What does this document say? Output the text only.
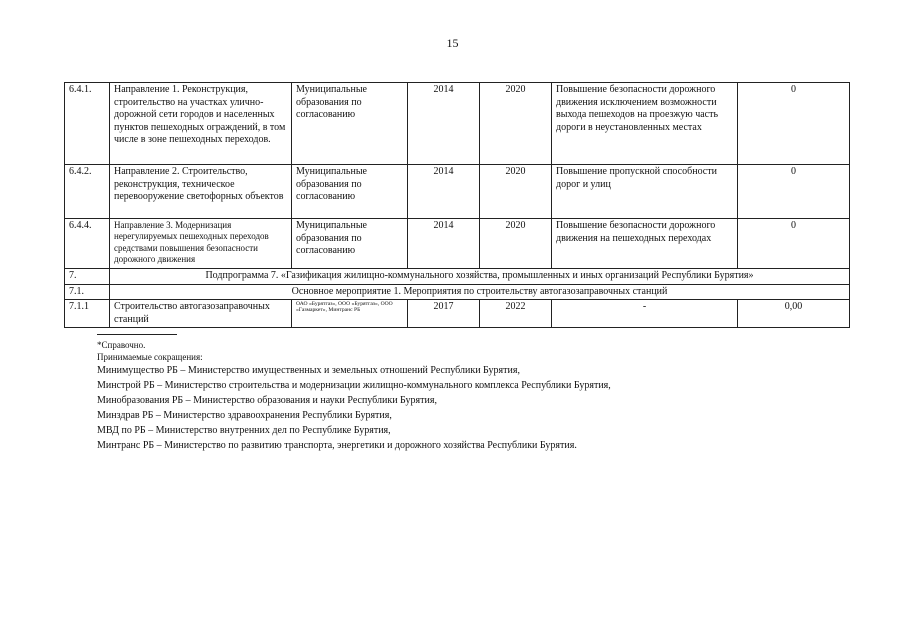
15
6.4.1.	Направление 1. Реконструкция, строительство на участках улично-дорожной сети городов и населенных пунктов пешеходных ограждений, в том числе в зоне пешеходных переходов.	Муниципальные образования по согласованию	2014	2020	Повышение безопасности дорожного движения исключением возможности выхода пешеходов на проезжую часть дороги в неустановленных местах	0
6.4.2.	Направление 2. Строительство, реконструкция, техническое перевооружение светофорных объектов	Муниципальные образования по согласованию	2014	2020	Повышение пропускной способности дорог и улиц	0
6.4.4.	Направление 3. Модернизация нерегулируемых пешеходных переходов средствами повышения безопасности дорожного движения	Муниципальные образования по согласованию	2014	2020	Повышение безопасности дорожного движения на пешеходных переходах	0
7.	Подпрограмма 7. «Газификация жилищно-коммунального хозяйства, промышленных и иных организаций Республики Бурятия»					
7.1.	Основное мероприятие 1. Мероприятия по строительству автогазозаправочных станций					
7.1.1	Строительство автогазозаправочных станций	ОАО «Бурятгаз», ООО «Бурятгаз», ООО «Газмаркет», Минтранс РБ	2017	2022	-	0,00
*Справочно.
Принимаемые сокращения:
Минимущество РБ – Министерство имущественных и земельных отношений Республики Бурятия,
Минстрой РБ – Министерство строительства и модернизации жилищно-коммунального комплекса Республики Бурятия,
Минобразования РБ – Министерство образования и науки Республики Бурятия,
Минздрав РБ – Министерство здравоохранения Республики Бурятия,
МВД по РБ – Министерство внутренних дел по Республике Бурятия,
Минтранс РБ – Министерство по развитию транспорта, энергетики и дорожного хозяйства Республики Бурятия.
